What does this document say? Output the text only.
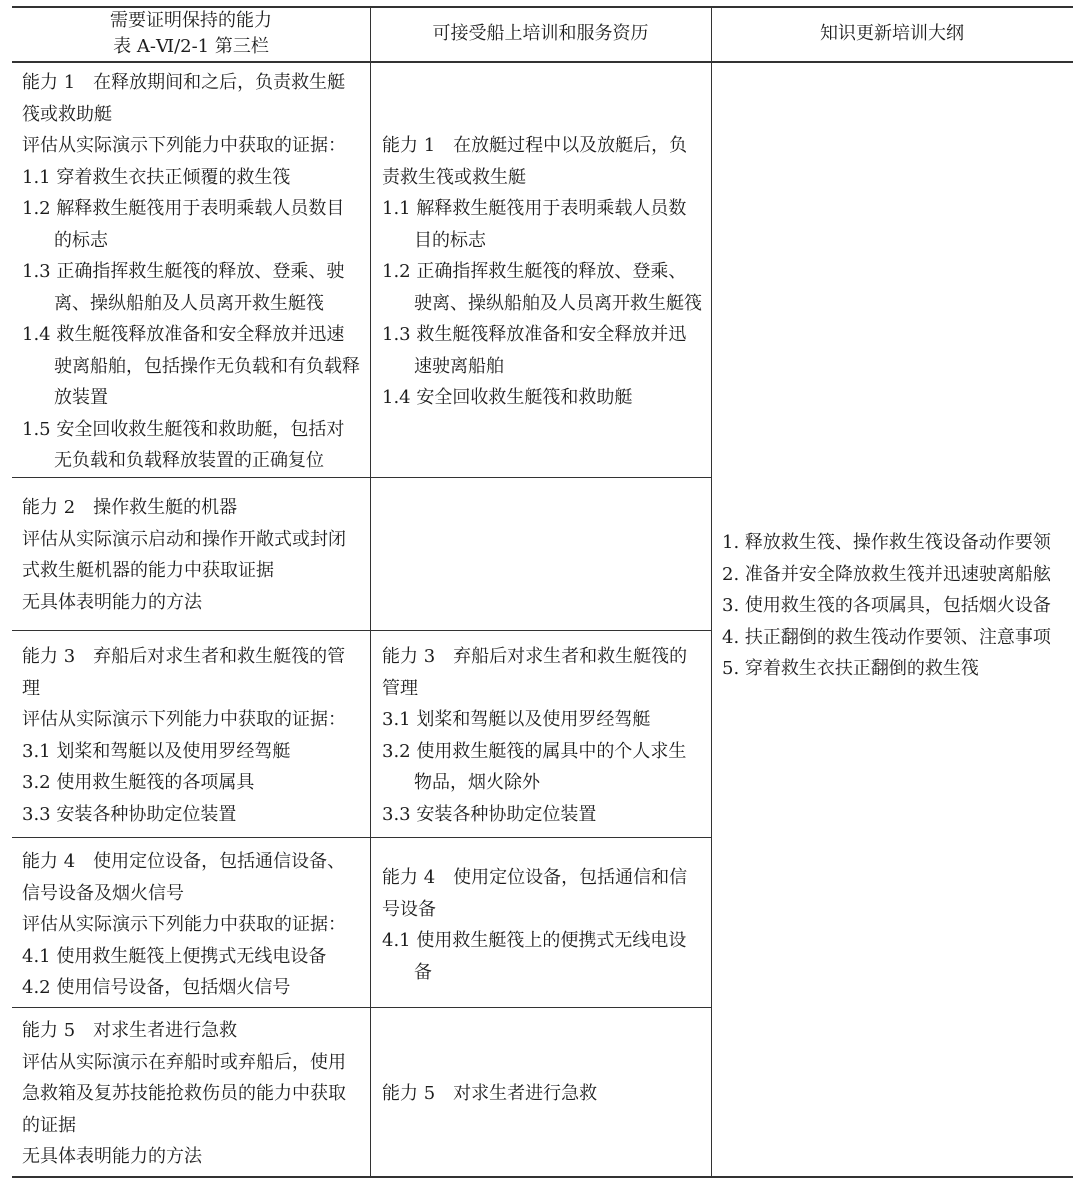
需要证明保持的能力
表 A-Ⅵ/2-1 第三栏
可接受船上培训和服务资历	知识更新培训大纲

能力 1　在释放期间和之后，负责救生艇筏或救助艇

评估从实际演示下列能力中获取的证据：

1.1 穿着救生衣扶正倾覆的救生筏

1.2 解释救生艇筏用于表明乘载人员数目的标志

1.3 正确指挥救生艇筏的释放、登乘、驶离、操纵船舶及人员离开救生艇筏

1.4 救生艇筏释放准备和安全释放并迅速驶离船舶，包括操作无负载和有负载释放装置

1.5 安全回收救生艇筏和救助艇，包括对无负载和负载释放装置的正确复位

能力 1　在放艇过程中以及放艇后，负责救生筏或救生艇

1.1 解释救生艇筏用于表明乘载人员数目的标志

1.2 正确指挥救生艇筏的释放、登乘、驶离、操纵船舶及人员离开救生艇筏

1.3 救生艇筏释放准备和安全释放并迅速驶离船舶

1.4 安全回收救生艇筏和救助艇

能力 2　操作救生艇的机器

评估从实际演示启动和操作开敞式或封闭式救生艇机器的能力中获取证据

无具体表明能力的方法

能力 3　弃船后对求生者和救生艇筏的管理

评估从实际演示下列能力中获取的证据：

3.1 划桨和驾艇以及使用罗经驾艇

3.2 使用救生艇筏的各项属具

3.3 安装各种协助定位装置

能力 3　弃船后对求生者和救生艇筏的管理

3.1 划桨和驾艇以及使用罗经驾艇

3.2 使用救生艇筏的属具中的个人求生物品，烟火除外

3.3 安装各种协助定位装置

能力 4　使用定位设备，包括通信设备、信号设备及烟火信号

评估从实际演示下列能力中获取的证据：

4.1 使用救生艇筏上便携式无线电设备

4.2 使用信号设备，包括烟火信号

能力 4　使用定位设备，包括通信和信号设备

4.1 使用救生艇筏上的便携式无线电设备

能力 5　对求生者进行急救

评估从实际演示在弃船时或弃船后，使用急救箱及复苏技能抢救伤员的能力中获取的证据

无具体表明能力的方法

能力 5　对求生者进行急救

1. 释放救生筏、操作救生筏设备动作要领

2. 准备并安全降放救生筏并迅速驶离船舷

3. 使用救生筏的各项属具，包括烟火设备

4. 扶正翻倒的救生筏动作要领、注意事项

5. 穿着救生衣扶正翻倒的救生筏
